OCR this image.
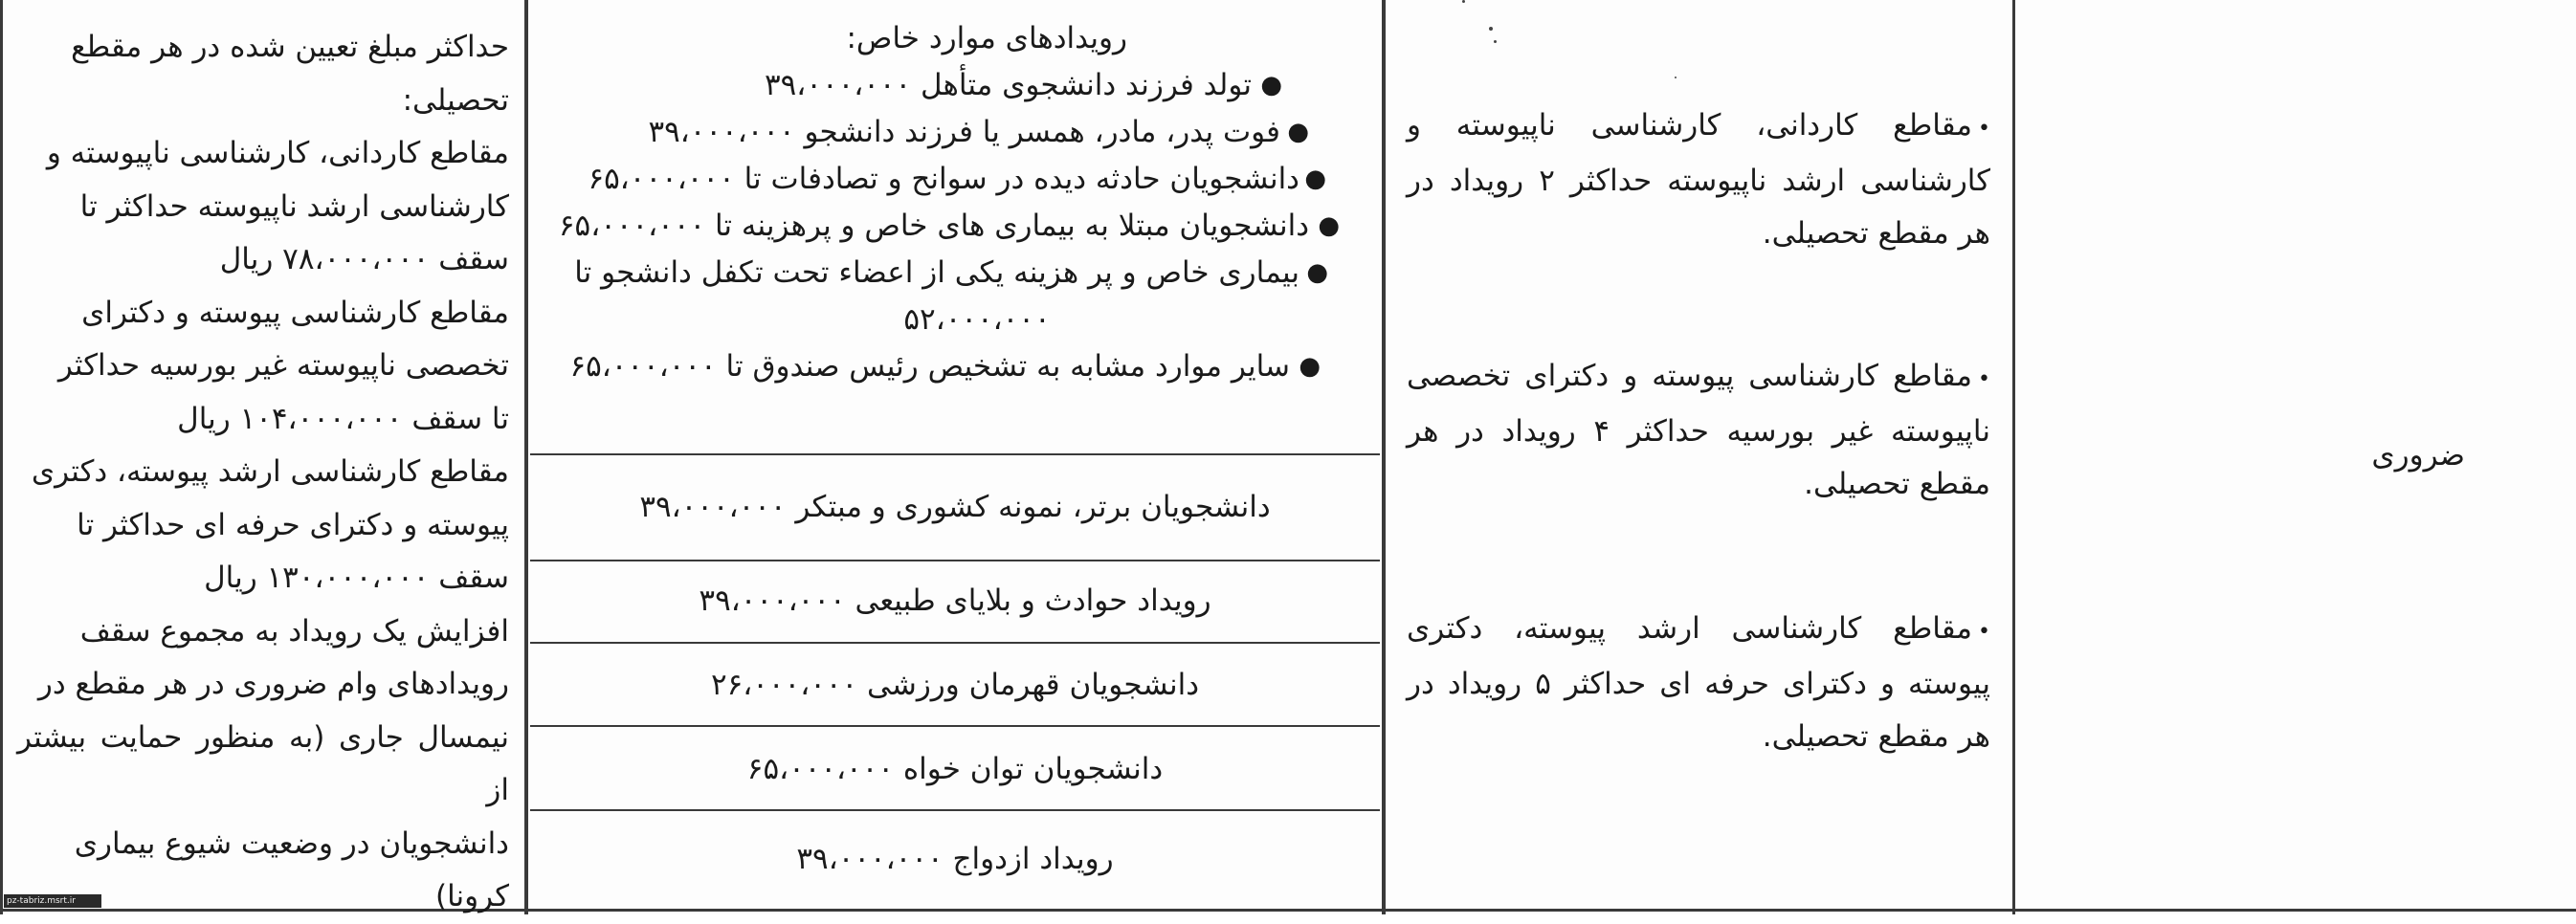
حداکثر مبلغ تعیین شده در هر مقطع

تحصیلی:

مقاطع کاردانی، کارشناسی ناپیوسته و

کارشناسی ارشد ناپیوسته حداکثر تا

سقف ۷۸،۰۰۰،۰۰۰ ریال

مقاطع کارشناسی پیوسته و دکترای

تخصصی ناپیوسته غیر بورسیه حداکثر

تا سقف ۱۰۴،۰۰۰،۰۰۰ ریال

مقاطع کارشناسی ارشد پیوسته، دکتری

پیوسته و دکترای حرفه ای حداکثر تا

سقف ۱۳۰،۰۰۰،۰۰۰ ریال

افزایش یک رویداد به مجموع سقف

رویدادهای وام ضروری در هر مقطع در

نیمسال جاری (به منظور حمایت بیشتر از

دانشجویان در وضعیت شیوع بیماری

کرونا)

رویدادهای موارد خاص:
●
تولد فرزند دانشجوی متأهل ۳۹،۰۰۰،۰۰۰
●
فوت پدر، مادر، همسر یا فرزند دانشجو ۳۹،۰۰۰،۰۰۰
●
دانشجویان حادثه دیده در سوانح و تصادفات تا ۶۵،۰۰۰،۰۰۰
●
دانشجویان مبتلا به بیماری های خاص و پرهزینه تا ۶۵،۰۰۰،۰۰۰
●
بیماری خاص و پر هزینه یکی از اعضاء تحت تکفل دانشجو تا
۵۲،۰۰۰،۰۰۰
●
سایر موارد مشابه به تشخیص رئیس صندوق تا ۶۵،۰۰۰،۰۰۰
دانشجویان برتر، نمونه کشوری و مبتکر ۳۹،۰۰۰،۰۰۰
رویداد حوادث و بلایای طبیعی ۳۹،۰۰۰،۰۰۰
دانشجویان قهرمان ورزشی ۲۶،۰۰۰،۰۰۰
دانشجویان توان خواه ۶۵،۰۰۰،۰۰۰
رویداد ازدواج ۳۹،۰۰۰،۰۰۰
•مقاطع کاردانی، کارشناسی ناپیوسته و کارشناسی ارشد ناپیوسته حداکثر ۲ رویداد در هر مقطع تحصیلی.
•مقاطع کارشناسی پیوسته و دکترای تخصصی ناپیوسته غیر بورسیه حداکثر ۴ رویداد در هر مقطع تحصیلی.
•مقاطع کارشناسی ارشد پیوسته، دکتری پیوسته و دکترای حرفه ای حداکثر ۵ رویداد در هر مقطع تحصیلی.
ضروری
pz-tabriz.msrt.ir
